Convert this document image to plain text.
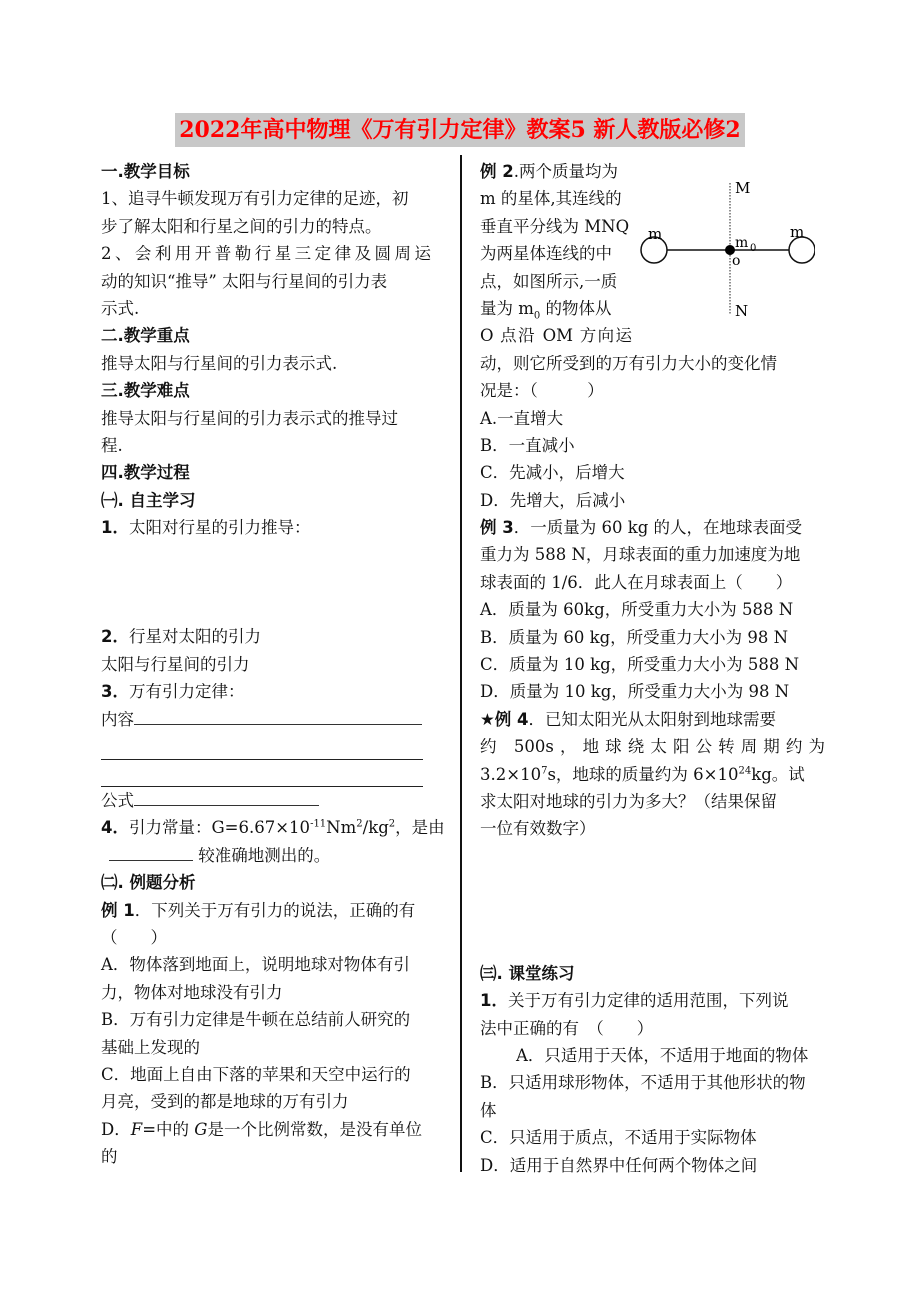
2022年高中物理《万有引力定律》教案5 新人教版必修2
一.教学目标
1、追寻牛顿发现万有引力定律的足迹，初
步了解太阳和行星之间的引力的特点。
2、会利用开普勒行星三定律及圆周运
动的知识“推导” 太阳与行星间的引力表
示式.
二.教学重点
推导太阳与行星间的引力表示式.
三.教学难点
推导太阳与行星间的引力表示式的推导过
程.
四.教学过程
㈠. 自主学习
1．太阳对行星的引力推导：
2．行星对太阳的引力
太阳与行星间的引力
3．万有引力定律：
内容
公式
4．引力常量：$G=6.67\times 10^{-11}Nm^2/kg^2$，是由
较准确地测出的。
㈡. 例题分析
例 1．下列关于万有引力的说法，正确的有
（　　）
A．物体落到地面上，说明地球对物体有引
力，物体对地球没有引力
B．万有引力定律是牛顿在总结前人研究的
基础上发现的
C．地面上自由下落的苹果和天空中运行的
月亮，受到的都是地球的万有引力
D．F=中的 G是一个比例常数，是没有单位
的
例 2.两个质量均为
m 的星体,其连线的
垂直平分线为 MNQ
为两星体连线的中
点，如图所示,一质
量为 $m_0$ 的物体从
O 点沿 OM 方向运
动，则它所受到的万有引力大小的变化情
况是：（　　　）
A.一直增大
B．一直减小
C．先减小，后增大
D．先增大，后减小
例 3．一质量为 60 kg 的人，在地球表面受
重力为 588 N，月球表面的重力加速度为地
球表面的 1/6．此人在月球表面上（　　）
A．质量为 60kg，所受重力大小为 588 N
B．质量为 60 kg，所受重力大小为 98 N
C．质量为 10 kg，所受重力大小为 588 N
D．质量为 10 kg，所受重力大小为 98 N
★例 4．已知太阳光从太阳射到地球需要
约 500s，地球绕太阳公转周期约为
$3.2\times 10^7s$，地球的质量约为 $6\times 10^{24}kg$。试
求太阳对地球的引力为多大？（结果保留
一位有效数字）
㈢. 课堂练习
1．关于万有引力定律的适用范围，下列说
法中正确的有　（　　）
A．只适用于天体，不适用于地面的物体
B．只适用球形物体，不适用于其他形状的物
体
C．只适用于质点，不适用于实际物体
D．适用于自然界中任何两个物体之间
M
N
m	m
m 0
o
